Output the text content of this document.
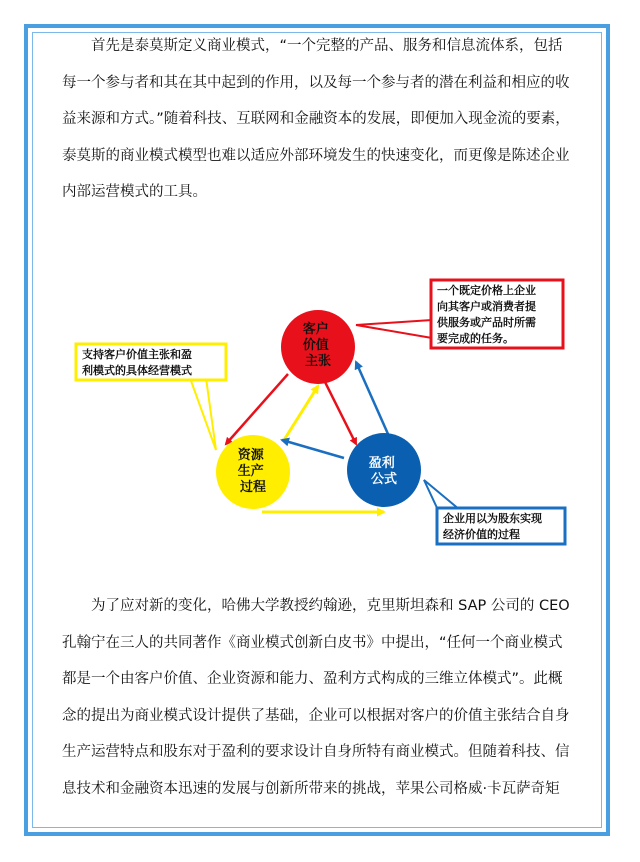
首先是泰莫斯定义商业模式，“一个完整的产品、服务和信息流体系，包括
每一个参与者和其在其中起到的作用，以及每一个参与者的潜在利益和相应的收
益来源和方式。”随着科技、互联网和金融资本的发展，即便加入现金流的要素，
泰莫斯的商业模式模型也难以适应外部环境发生的快速变化，而更像是陈述企业
内部运营模式的工具。
客户 价值 主张
资源 生产 过程
盈利 公式
一个既定价格上企业 向其客户或消费者提 供服务或产品时所需 要完成的任务。
支持客户价值主张和盈 利模式的具体经营模式
企业用以为股东实现 经济价值的过程
为了应对新的变化，哈佛大学教授约翰逊，克里斯坦森和 SAP 公司的 CEO
孔翰宁在三人的共同著作《商业模式创新白皮书》中提出，“任何一个商业模式
都是一个由客户价值、企业资源和能力、盈利方式构成的三维立体模式”。此概
念的提出为商业模式设计提供了基础，企业可以根据对客户的价值主张结合自身
生产运营特点和股东对于盈利的要求设计自身所特有商业模式。但随着科技、信
息技术和金融资本迅速的发展与创新所带来的挑战，苹果公司格威·卡瓦萨奇矩
